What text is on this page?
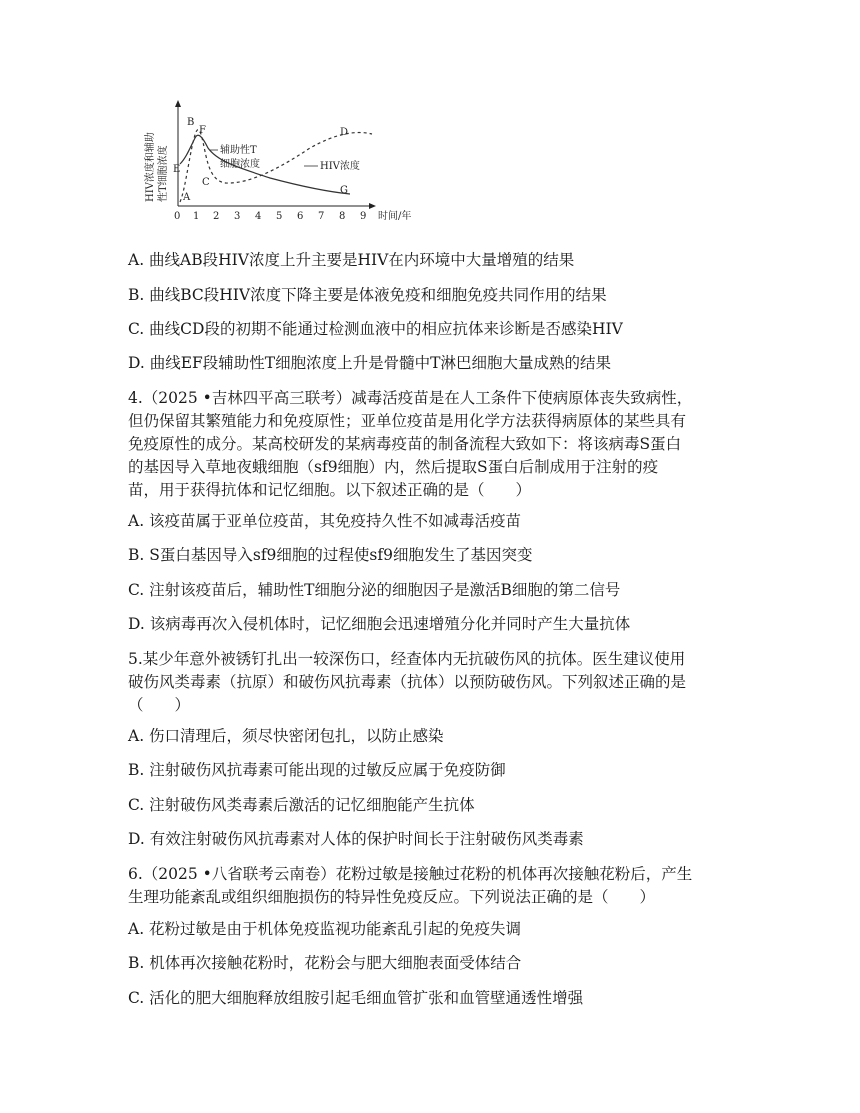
HIV浓度和辅助 性T细胞浓度
0 1 2 3 4 5 6 7 8 9 时间/年
A
B
C
D
E
F
G
辅助性T
细胞浓度	HIV浓度
A. 曲线AB段HIV浓度上升主要是HIV在内环境中大量增殖的结果
B. 曲线BC段HIV浓度下降主要是体液免疫和细胞免疫共同作用的结果
C. 曲线CD段的初期不能通过检测血液中的相应抗体来诊断是否感染HIV
D. 曲线EF段辅助性T细胞浓度上升是骨髓中T淋巴细胞大量成熟的结果
4.（2025 •吉林四平高三联考）减毒活疫苗是在人工条件下使病原体丧失致病性，
但仍保留其繁殖能力和免疫原性；亚单位疫苗是用化学方法获得病原体的某些具有
免疫原性的成分。某高校研发的某病毒疫苗的制备流程大致如下：将该病毒S蛋白
的基因导入草地夜蛾细胞（sf9细胞）内，然后提取S蛋白后制成用于注射的疫
苗，用于获得抗体和记忆细胞。以下叙述正确的是（　　）
A. 该疫苗属于亚单位疫苗，其免疫持久性不如减毒活疫苗
B. S蛋白基因导入sf9细胞的过程使sf9细胞发生了基因突变
C. 注射该疫苗后，辅助性T细胞分泌的细胞因子是激活B细胞的第二信号
D. 该病毒再次入侵机体时，记忆细胞会迅速增殖分化并同时产生大量抗体
5.某少年意外被锈钉扎出一较深伤口，经查体内无抗破伤风的抗体。医生建议使用
破伤风类毒素（抗原）和破伤风抗毒素（抗体）以预防破伤风。下列叙述正确的是
（　　）
A. 伤口清理后，须尽快密闭包扎，以防止感染
B. 注射破伤风抗毒素可能出现的过敏反应属于免疫防御
C. 注射破伤风类毒素后激活的记忆细胞能产生抗体
D. 有效注射破伤风抗毒素对人体的保护时间长于注射破伤风类毒素
6.（2025 •八省联考云南卷）花粉过敏是接触过花粉的机体再次接触花粉后，产生
生理功能紊乱或组织细胞损伤的特异性免疫反应。下列说法正确的是（　　）
A. 花粉过敏是由于机体免疫监视功能紊乱引起的免疫失调
B. 机体再次接触花粉时，花粉会与肥大细胞表面受体结合
C. 活化的肥大细胞释放组胺引起毛细血管扩张和血管壁通透性增强
